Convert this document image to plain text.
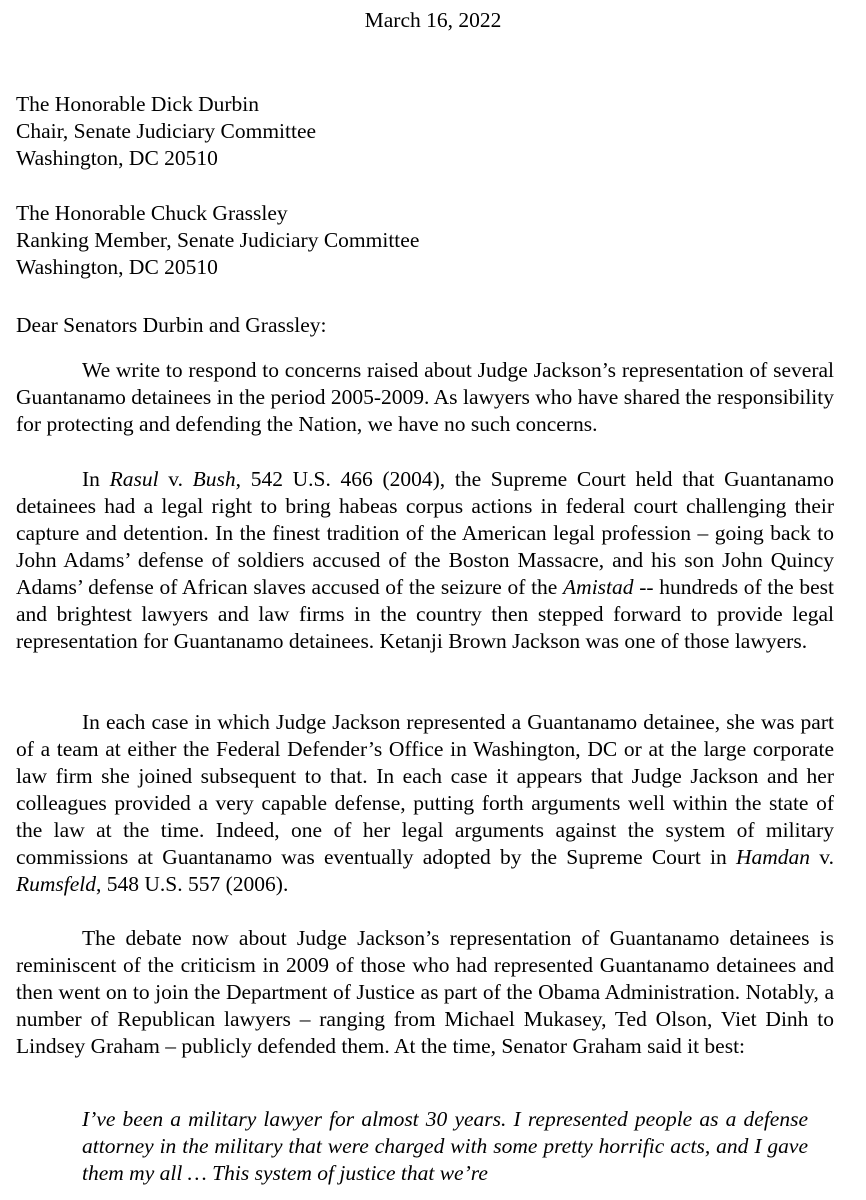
March 16, 2022
The Honorable Dick Durbin
Chair, Senate Judiciary Committee
Washington, DC 20510
The Honorable Chuck Grassley
Ranking Member, Senate Judiciary Committee
Washington, DC 20510
Dear Senators Durbin and Grassley:

We write to respond to concerns raised about Judge Jackson’s representation of several Guantanamo detainees in the period 2005-2009. As lawyers who have shared the responsibility for protecting and defending the Nation, we have no such concerns.

In Rasul v. Bush, 542 U.S. 466 (2004), the Supreme Court held that Guantanamo detainees had a legal right to bring habeas corpus actions in federal court challenging their capture and detention. In the finest tradition of the American legal profession – going back to John Adams’ defense of soldiers accused of the Boston Massacre, and his son John Quincy Adams’ defense of African slaves accused of the seizure of the Amistad -- hundreds of the best and brightest lawyers and law firms in the country then stepped forward to provide legal representation for Guantanamo detainees. Ketanji Brown Jackson was one of those lawyers.

In each case in which Judge Jackson represented a Guantanamo detainee, she was part of a team at either the Federal Defender’s Office in Washington, DC or at the large corporate law firm she joined subsequent to that. In each case it appears that Judge Jackson and her colleagues provided a very capable defense, putting forth arguments well within the state of the law at the time. Indeed, one of her legal arguments against the system of military commissions at Guantanamo was eventually adopted by the Supreme Court in Hamdan v. Rumsfeld, 548 U.S. 557 (2006).

The debate now about Judge Jackson’s representation of Guantanamo detainees is reminiscent of the criticism in 2009 of those who had represented Guantanamo detainees and then went on to join the Department of Justice as part of the Obama Administration. Notably, a number of Republican lawyers – ranging from Michael Mukasey, Ted Olson, Viet Dinh to Lindsey Graham – publicly defended them. At the time, Senator Graham said it best:

I’ve been a military lawyer for almost 30 years. I represented people as a defense attorney in the military that were charged with some pretty horrific acts, and I gave them my all … This system of justice that we’re
